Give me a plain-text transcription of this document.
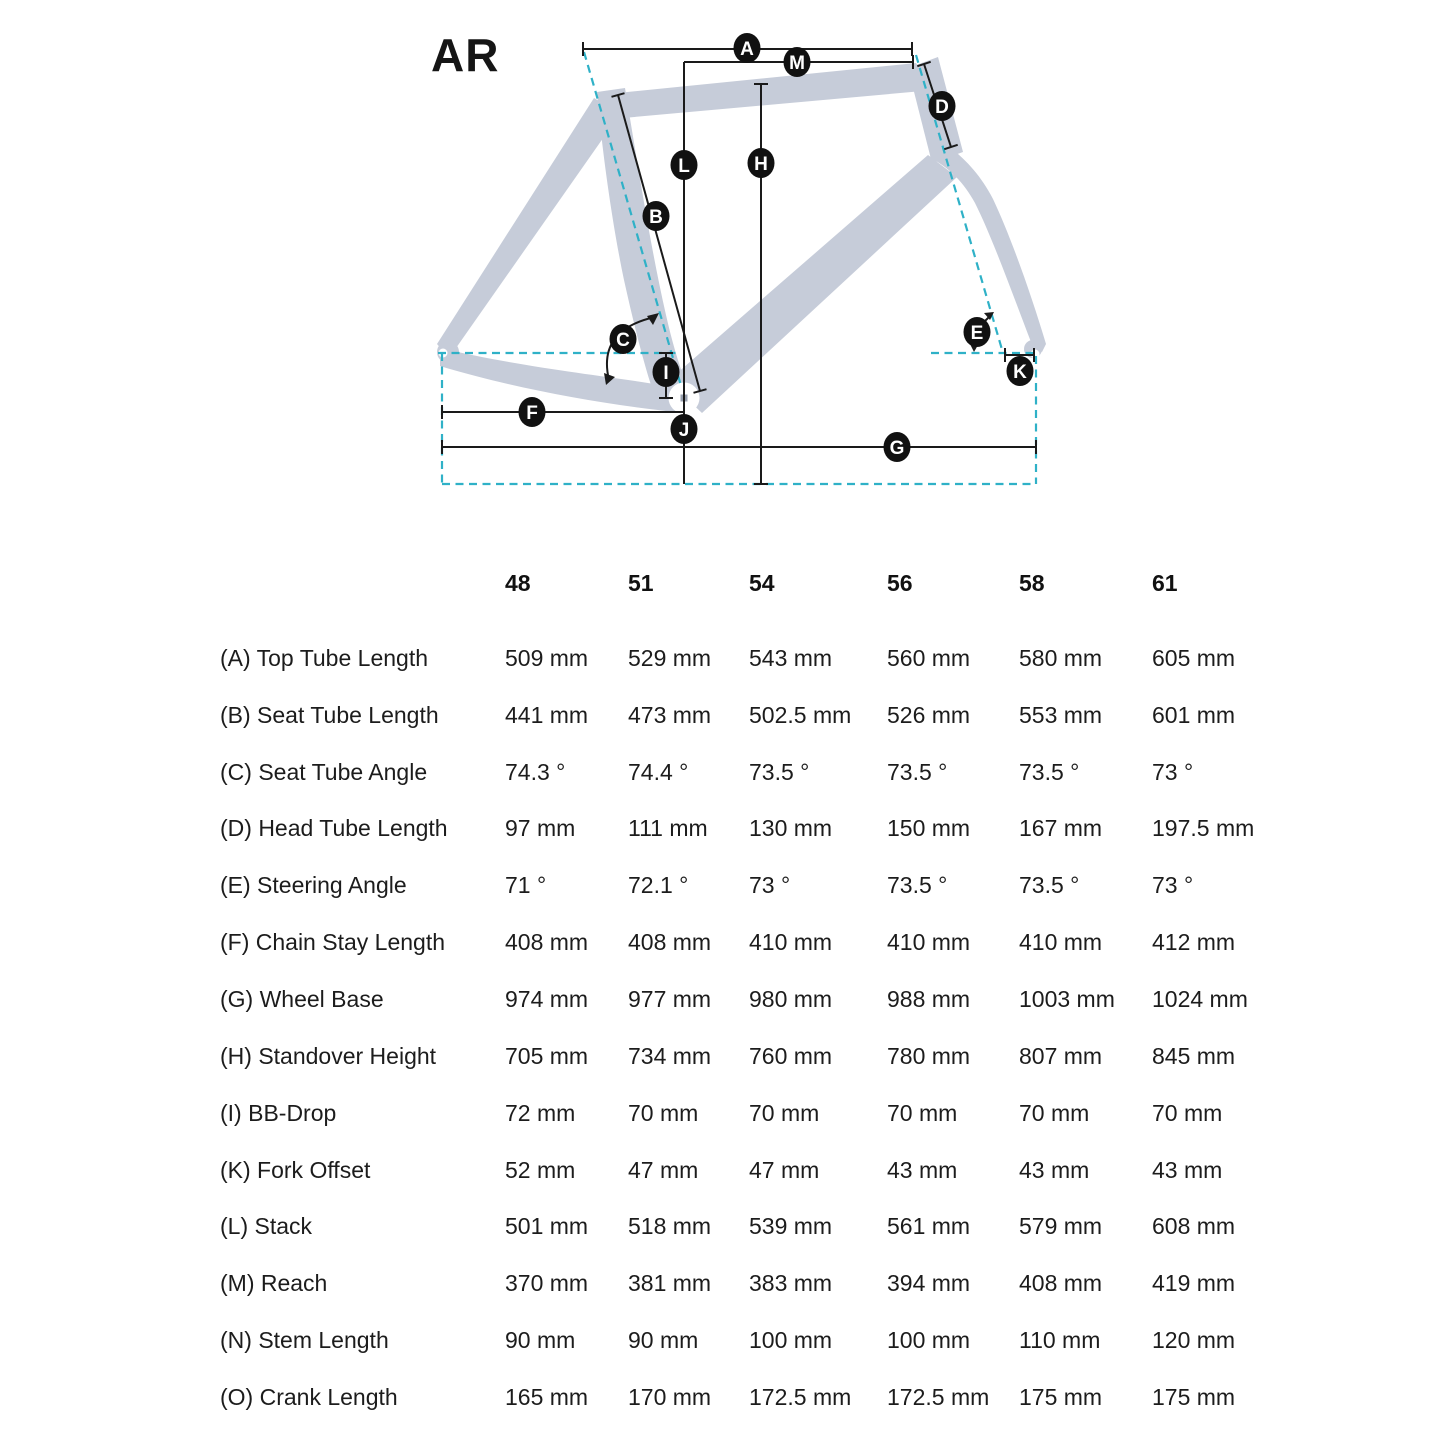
AR	A
M
D
L	H
B
C
I
E
K
F
J
G
48	51	54	56	58	61
(A) Top Tube Length	509 mm	529 mm	543 mm	560 mm	580 mm	605 mm
(B) Seat Tube Length	441 mm	473 mm	502.5 mm	526 mm	553 mm	601 mm
(C) Seat Tube Angle	74.3 °	74.4 °	73.5 °	73.5 °	73.5 °	73 °
(D) Head Tube Length	97 mm	111 mm	130 mm	150 mm	167 mm	197.5 mm
(E) Steering Angle	71 °	72.1 °	73 °	73.5 °	73.5 °	73 °
(F) Chain Stay Length	408 mm	408 mm	410 mm	410 mm	410 mm	412 mm
(G) Wheel Base	974 mm	977 mm	980 mm	988 mm	1003 mm	1024 mm
(H) Standover Height	705 mm	734 mm	760 mm	780 mm	807 mm	845 mm
(I) BB-Drop	72 mm	70 mm	70 mm	70 mm	70 mm	70 mm
(K) Fork Offset	52 mm	47 mm	47 mm	43 mm	43 mm	43 mm
(L) Stack	501 mm	518 mm	539 mm	561 mm	579 mm	608 mm
(M) Reach	370 mm	381 mm	383 mm	394 mm	408 mm	419 mm
(N) Stem Length	90 mm	90 mm	100 mm	100 mm	110 mm	120 mm
(O) Crank Length	165 mm	170 mm	172.5 mm	172.5 mm	175 mm	175 mm
